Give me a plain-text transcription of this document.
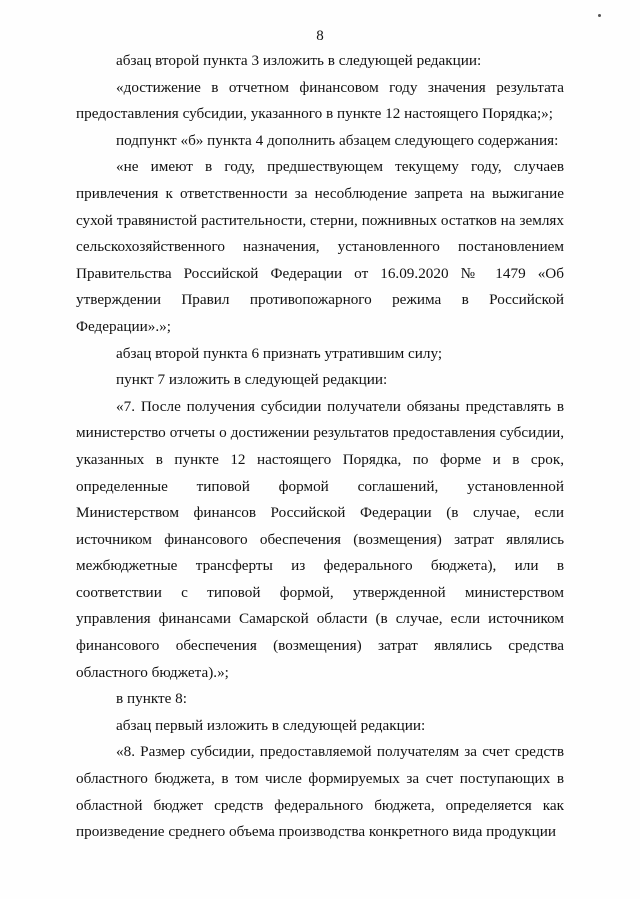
8

абзац второй пункта 3 изложить в следующей редакции:

«достижение в отчетном финансовом году значения результата предоставления субсидии, указанного в пункте 12 настоящего Порядка;»;

подпункт «б» пункта 4 дополнить абзацем следующего содержания:

«не имеют в году, предшествующем текущему году, случаев привлечения к ответственности за несоблюдение запрета на выжигание сухой травянистой растительности, стерни, пожнивных остатков на землях сельскохозяйственного назначения, установленного постановлением Правительства Российской Федерации от 16.09.2020 № 1479 «Об утверждении Правил противопожарного режима в Российской Федерации».»;

абзац второй пункта 6 признать утратившим силу;

пункт 7 изложить в следующей редакции:

«7. После получения субсидии получатели обязаны представлять в министерство отчеты о достижении результатов предоставления субсидии, указанных в пункте 12 настоящего Порядка, по форме и в срок, определенные типовой формой соглашений, установленной Министерством финансов Российской Федерации (в случае, если источником финансового обеспечения (возмещения) затрат являлись межбюджетные трансферты из федерального бюджета), или в соответствии с типовой формой, утвержденной министерством управления финансами Самарской области (в случае, если источником финансового обеспечения (возмещения) затрат являлись средства областного бюджета).»;

в пункте 8:

абзац первый изложить в следующей редакции:

«8. Размер субсидии, предоставляемой получателям за счет средств областного бюджета, в том числе формируемых за счет поступающих в областной бюджет средств федерального бюджета, определяется как произведение среднего объема производства конкретного вида продукции
